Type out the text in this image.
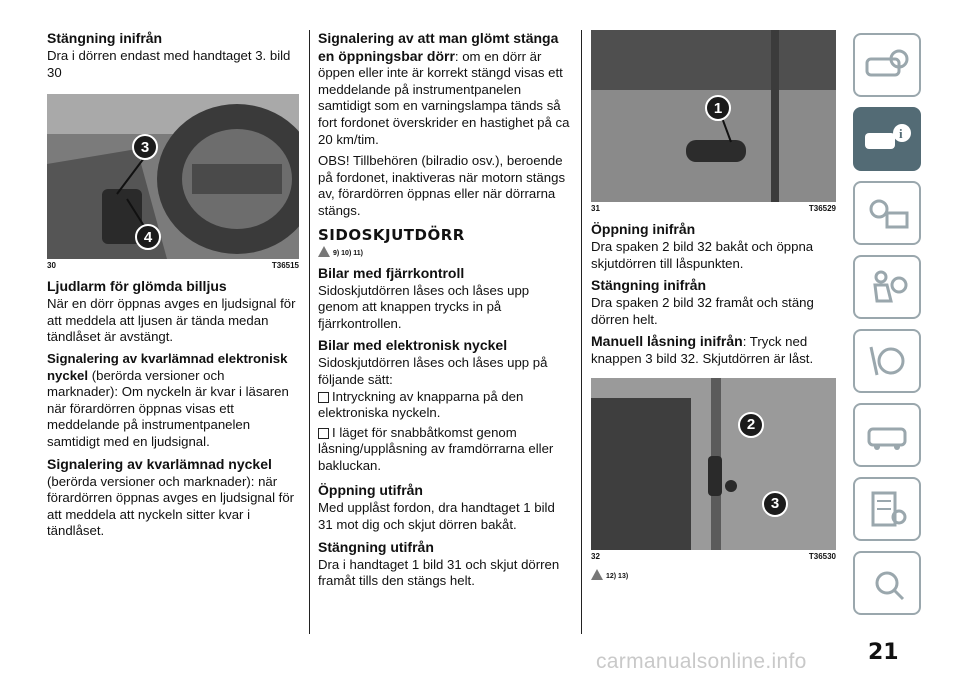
Stängning inifrån

Dra i dörren endast med handtaget 3. bild 30

3
4
30	T36515
Ljudlarm för glömda billjus

När en dörr öppnas avges en ljudsignal för att meddela att ljusen är tända medan tändlåset är avstängt.

Signalering av kvarlämnad elektronisk nyckel (berörda versioner och marknader): Om nyckeln är kvar i läsaren när förardörren öppnas visas ett meddelande på instrumentpanelen samtidigt med en ljudsignal.

Signalering av kvarlämnad nyckel

(berörda versioner och marknader): när förardörren öppnas avges en ljudsignal för att meddela att nyckeln sitter kvar i tändlåset.

Signalering av att man glömt stänga en öppningsbar dörr: om en dörr är öppen eller inte är korrekt stängd visas ett meddelande på instrumentpanelen samtidigt som en varningslampa tänds så fort fordonet överskrider en hastighet på ca 20 km/tim.

OBS! Tillbehören (bilradio osv.), beroende på fordonet, inaktiveras när motorn stängs av, förardörren öppnas eller när dörrarna stängs.

SIDOSKJUTDÖRR
9) 10) 11)
Bilar med fjärrkontroll

Sidoskjutdörren låses och låses upp genom att knappen trycks in på fjärrkontrollen.

Bilar med elektronisk nyckel

Sidoskjutdörren låses och låses upp på följande sätt:

Intryckning av knapparna på den
elektroniska nyckeln.
I läget för snabbåtkomst genom
låsning/upplåsning av framdörrarna eller
bakluckan.
Öppning utifrån

Med upplåst fordon, dra handtaget 1 bild 31 mot dig och skjut dörren bakåt.

Stängning utifrån

Dra i handtaget 1 bild 31 och skjut dörren framåt tills den stängs helt.

1
31	T36529
Öppning inifrån

Dra spaken 2 bild 32 bakåt och öppna skjutdörren till låspunkten.

Stängning inifrån

Dra spaken 2 bild 32 framåt och stäng dörren helt.

Manuell låsning inifrån: Tryck ned knappen 3 bild 32. Skjutdörren är låst.

2
3
32	T36530
12) 13)
i
21
carmanualsonline.info
